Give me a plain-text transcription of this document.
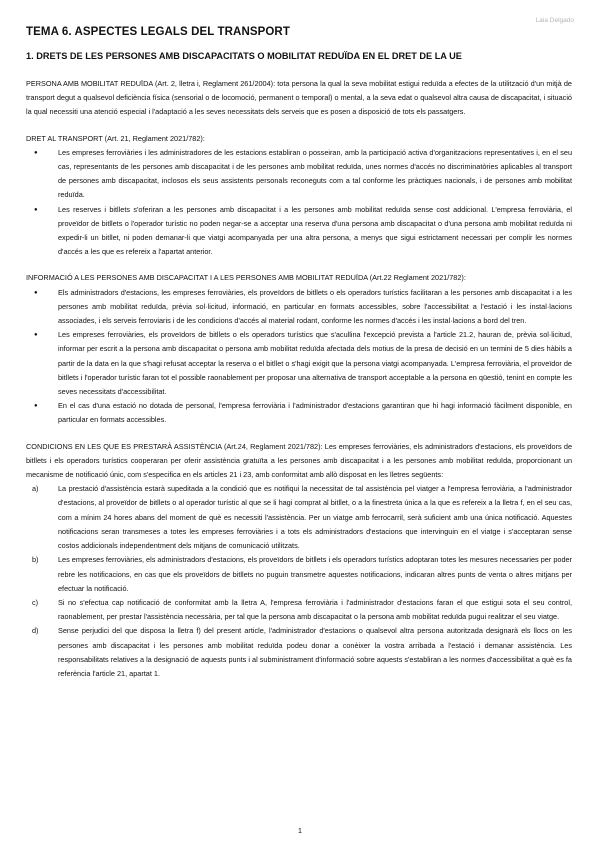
Laia Delgado
TEMA 6. ASPECTES LEGALS DEL TRANSPORT
1. DRETS DE LES PERSONES AMB DISCAPACITATS O MOBILITAT REDUÏDA EN EL DRET DE LA UE

PERSONA AMB MOBILITAT REDUÏDA (Art. 2, lletra i, Reglament 261/2004): tota persona la qual la seva mobilitat estigui reduïda a efectes de la utilització d'un mitjà de transport degut a qualsevol deficiència física (sensorial o de locomoció, permanent o temporal) o mental, a la seva edat o qualsevol altra causa de discapacitat, i situació la qual necessiti una atenció especial i l'adaptació a les seves necessitats dels serveis que es posen a disposició de tots els passatgers.

DRET AL TRANSPORT (Art. 21, Reglament 2021/782):

● Les empreses ferroviàries i les administradores de les estacions establiran o posseiran, amb la participació activa d'organitzacions representatives i, en el seu cas, representants de les persones amb discapacitat i de les persones amb mobilitat reduïda, unes normes d'accés no discriminatòries aplicables al transport de persones amb discapacitat, inclosos els seus assistents personals reconeguts com a tal conforme les pràctiques nacionals, i de persones amb mobilitat reduïda.
● Les reserves i bitllets s'oferiran a les persones amb discapacitat i a les persones amb mobilitat reduïda sense cost addicional. L'empresa ferroviària, el proveïdor de bitllets o l'operador turístic no poden negar-se a acceptar una reserva d'una persona amb discapacitat o d'una persona amb mobilitat reduïda ni expedir-li un bitllet, ni poden demanar-li que viatgi acompanyada per una altra persona, a menys que sigui estrictament necessari per complir les normes d'accés a les que es refereix a l'apartat anterior.

INFORMACIÓ A LES PERSONES AMB DISCAPACITAT I A LES PERSONES AMB MOBILITAT REDUÏDA (Art.22 Reglament 2021/782):

● Els administradors d'estacions, les empreses ferroviàries, els proveïdors de bitllets o els operadors turístics facilitaran a les persones amb discapacitat i a les persones amb mobilitat reduïda, prèvia sol·licitud, informació, en particular en formats accessibles, sobre l'accessibilitat a l'estació i les instal·lacions associades, i els serveis ferroviaris i de les condicions d'accés al material rodant, conforme les normes d'accés i les instal·lacions a bord del tren.
● Les empreses ferroviàries, els proveïdors de bitllets o els operadors turístics que s'acullina l'excepció prevista a l'article 21.2, hauran de, prèvia sol·licitud, informar per escrit a la persona amb discapacitat o persona amb mobilitat reduïda afectada dels motius de la presa de decisió en un termini de 5 dies hàbils a partir de la data en la que s'hagi refusat acceptar la reserva o el bitllet o s'hagi exigit que la persona viatgi acompanyada. L'empresa ferroviària, el proveïdor de bitllets i l'operador turístic faran tot el possible raonablement per proposar una alternativa de transport acceptable a la persona en qüestió, tenint en compte les seves necessitats d'accessibilitat.
● En el cas d'una estació no dotada de personal, l'empresa ferroviària i l'administrador d'estacions garantiran que hi hagi informació fàcilment disponible, en particular en formats accessibles.

CONDICIONS EN LES QUE ES PRESTARÀ ASSISTÈNCIA (Art.24, Reglament 2021/782): Les empreses ferroviàries, els administradors d'estacions, els proveïdors de bitllets i els operadors turístics cooperaran per oferir assistència gratuïta a les persones amb discapacitat i a les persones amb mobilitat reduïda, proporcionant un mecanisme de notificació únic, com s'especifica en els articles 21 i 23, amb conformitat amb allò disposat en les lletres següents:

a)	La prestació d'assistència estarà supeditada a la condició que es notifiqui la necessitat de tal assistència pel viatger a l'empresa ferroviària, a l'administrador d'estacions, al proveïdor de bitllets o al operador turístic al que se li hagi comprat al bitllet, o a la finestreta única a la que es refereix a la lletra f, en el seu cas, com a mínim 24 hores abans del moment de què es necessiti l'assistència. Per un viatge amb ferrocarril, serà suficient amb una única notificació. Aquestes notificacions seran transmeses a totes les empreses ferroviàries i a tots els administradors d'estacions que intervinguin en el viatge i s'acceptaran sense costos addicionals independentment dels mitjans de comunicació utilitzats.
b)	Les empreses ferroviàries, els administradors d'estacions, els proveïdors de bitllets i els operadors turístics adoptaran totes les mesures necessaries per poder rebre les notificacions, en cas que els proveïdors de bitllets no puguin transmetre aquestes notificacions, indicaran altres punts de venta o altres mitjans per efectuar la notificació.
c)	Si no s'efectua cap notificació de conformitat amb la lletra A, l'empresa ferroviària i l'administrador d'estacions faran el que estigui sota el seu control, raonablement, per prestar l'assistència necessària, per tal que la persona amb discapacitat o la persona amb mobilitat reduïda pugui realitzar el seu viatge.
d)	Sense perjudici del que disposa la lletra f) del present article, l'administrador d'estacions o qualsevol altra persona autoritzada designarà els llocs on les persones amb discapacitat i les persones amb mobilitat reduïda podeu donar a conèixer la vostra arribada a l'estació i demanar assistència. Les responsabilitats relatives a la designació de aquests punts i al subministrament d'informació sobre aquests s'establiran a les normes d'accessibilitat a què es fa referència l'article 21, apartat 1.
1
